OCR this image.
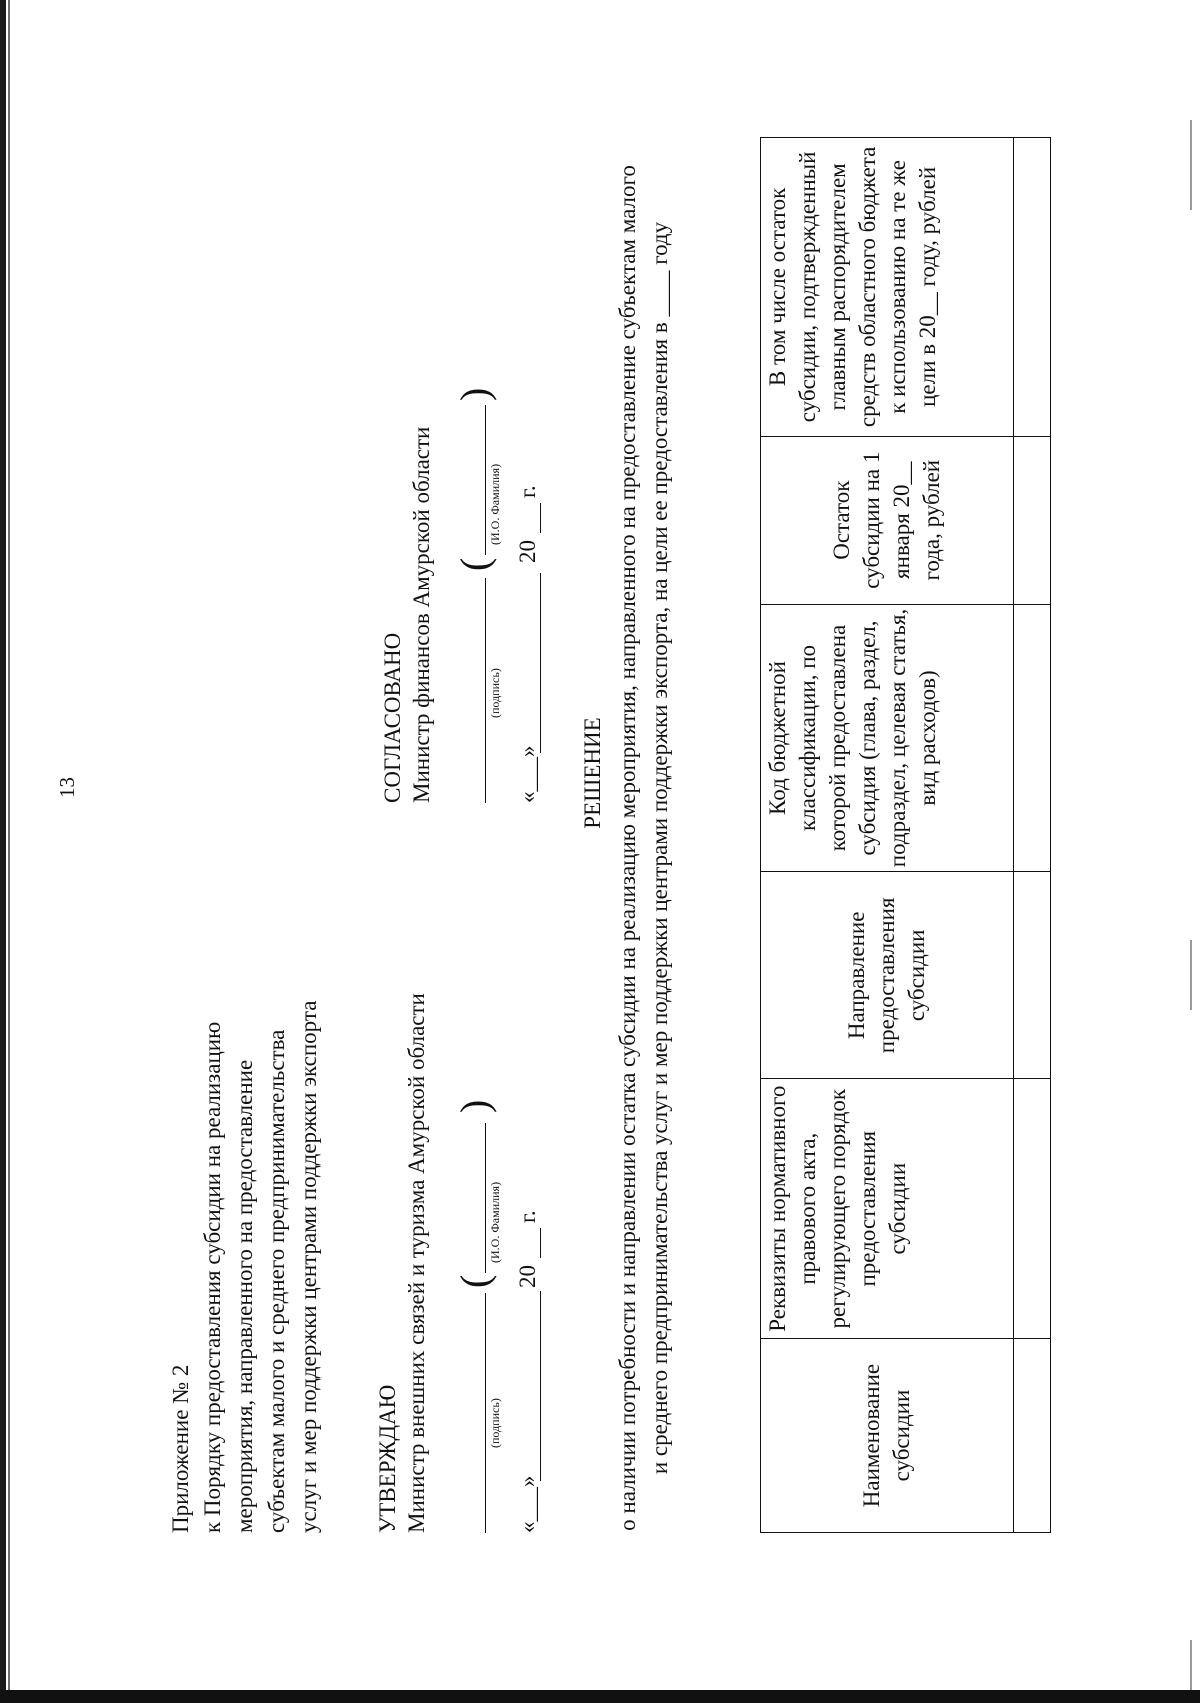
13
Приложение № 2 к Порядку предоставления субсидии на реализацию мероприятия, направленного на предоставление субъектам малого и среднего предпринимательства услуг и мер поддержки центрами поддержки экспорта УТВЕРЖДАЮ Министр внешних связей и туризма Амурской области	(подпись)
(
)
(И.О. Фамилия)
«___»
20
г.
СОГЛАСОВАНО Министр финансов Амурской области	(подпись)
(
)
(И.О. Фамилия)
«___»
20
г.
РЕШЕНИЕ о наличии потребности и направлении остатка субсидии на реализацию мероприятия, направленного на предоставление субъектам малого и среднего предпринимательства услуг и мер поддержки центрами поддержки экспорта, на цели ее предоставления в ____ году	Наименование субсидии	Реквизиты нормативного правового акта, регулирующего порядок предоставления субсидии	Направление предоставления субсидии	Код бюджетной классификации, по которой предоставлена субсидия (глава, раздел, подраздел, целевая статья, вид расходов)	Остаток субсидии на 1 января 20__ года, рублей	В том числе остаток субсидии, подтвержденный главным распорядителем средств областного бюджета к использованию на те же цели в 20__ году, рублей
